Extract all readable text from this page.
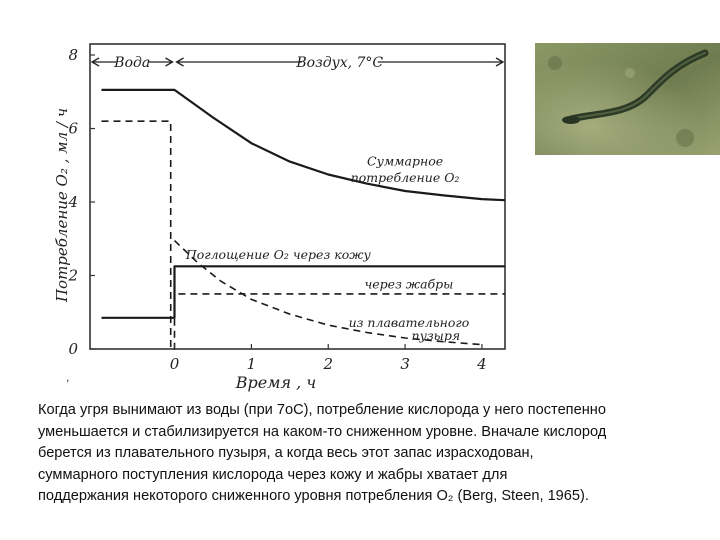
Вода	Воздух, 7°С
0	1	2	3	4
0
2
4
6
8
Суммарное
потребление O₂
Поглощение O₂ через кожу
через жабры
из плавательного
пузыря
Потребление O₂ , мл / ч
Время , ч
,

Когда угря вынимают из воды (при 7оС), потребление кислорода у него постепенно

уменьшается и стабилизируется на каком-то сниженном уровне. Вначале кислород

берется из плавательного пузыря, а когда весь этот запас израсходован,

суммарного поступления кислорода через кожу и жабры хватает для

поддержания некоторого сниженного уровня потребления O₂ (Berg, Steen, 1965).
